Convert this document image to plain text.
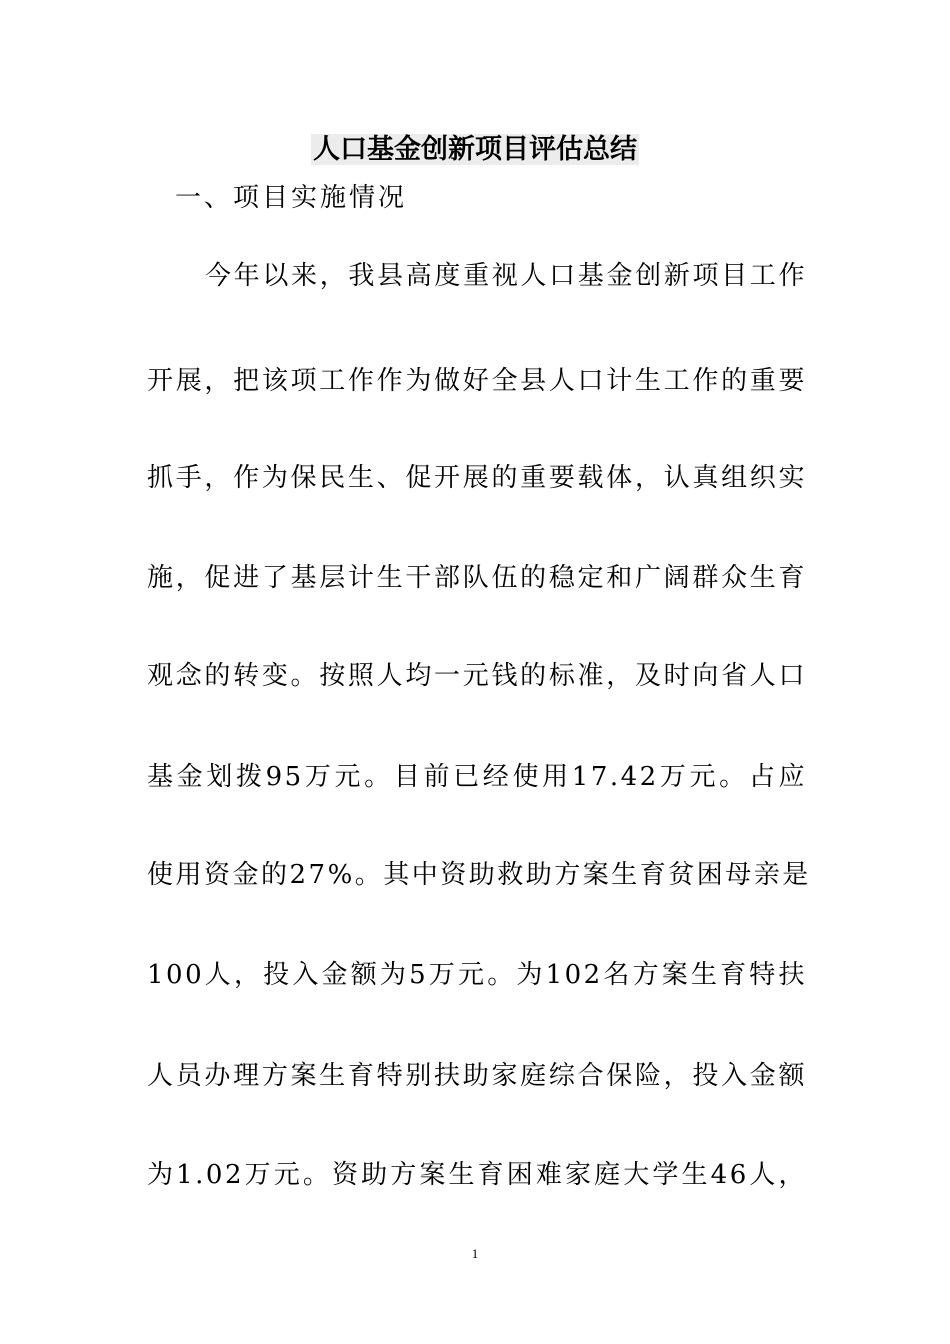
人口基金创新项目评估总结
一、项目实施情况
今年以来，我县高度重视人口基金创新项目工作
开展，把该项工作作为做好全县人口计生工作的重要
抓手，作为保民生、促开展的重要载体，认真组织实
施，促进了基层计生干部队伍的稳定和广阔群众生育
观念的转变。按照人均一元钱的标准，及时向省人口
基金划拨95万元。目前已经使用17.42万元。占应
使用资金的27%。其中资助救助方案生育贫困母亲是
100人，投入金额为5万元。为102名方案生育特扶
人员办理方案生育特别扶助家庭综合保险，投入金额
为1.02万元。资助方案生育困难家庭大学生46人，
1
